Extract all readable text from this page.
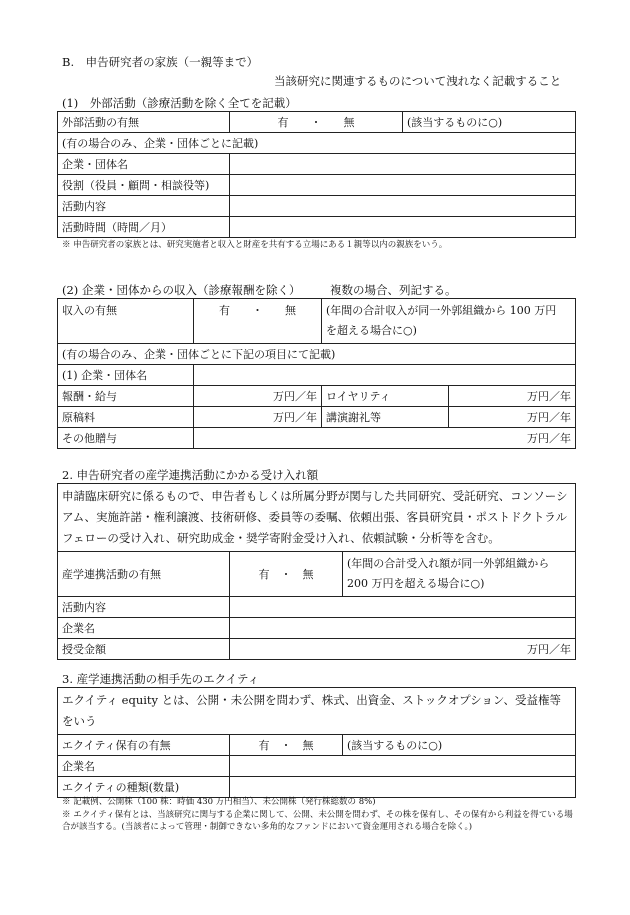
B.　申告研究者の家族（一親等まで）
当該研究に関連するものについて洩れなく記載すること
(1)　外部活動（診療活動を除く全てを記載）
外部活動の有無	有　　・　　無	(該当するものに○)
(有の場合のみ、企業・団体ごとに記載)		
企業・団体名		
役割（役員・顧問・相談役等)		
活動内容		
活動時間（時間／月）		
※ 申告研究者の家族とは、研究実施者と収入と財産を共有する立場にある１親等以内の親族をいう。
(2) 企業・団体からの収入（診療報酬を除く）	複数の場合、列記する。
収入の有無	有　　・　　無	(年間の合計収入が同一外郭組織から 100 万円
を超える場合に○)	

(有の場合のみ、企業・団体ごとに下記の項目にて記載)			
(1) 企業・団体名			
報酬・給与	万円／年	ロイヤリティ	万円／年
原稿料	万円／年	講演謝礼等	万円／年
その他贈与	万円／年		
2. 申告研究者の産学連携活動にかかる受け入れ額
申請臨床研究に係るもので、申告者もしくは所属分野が関与した共同研究、受託研究、コンソーシアム、実施許諾・権利譲渡、技術研修、委員等の委嘱、依頼出張、客員研究員・ポストドクトラルフェローの受け入れ、研究助成金・奨学寄附金受け入れ、依頼試験・分析等を含む。		
産学連携活動の有無	有　・　無	(年間の合計受入れ額が同一外郭組織から
200 万円を超える場合に○)

活動内容		
企業名		
授受金額	万円／年	
3. 産学連携活動の相手先のエクイティ
エクイティ equity とは、公開・未公開を問わず、株式、出資金、ストックオプション、受益権等をいう		
エクイティ保有の有無	有　・　無	(該当するものに○)
企業名		
エクイティの種類(数量)		
※ 記載例、公開株（100 株：時価 430 万円相当）、未公開株（発行株総数の 8%)
※ エクイティ保有とは、当該研究に関与する企業に関して、公開、未公開を問わず、その株を保有し、その保有から利益を得ている場合が該当する。(当該者によって管理・制御できない多角的なファンドにおいて資金運用される場合を除く。)
